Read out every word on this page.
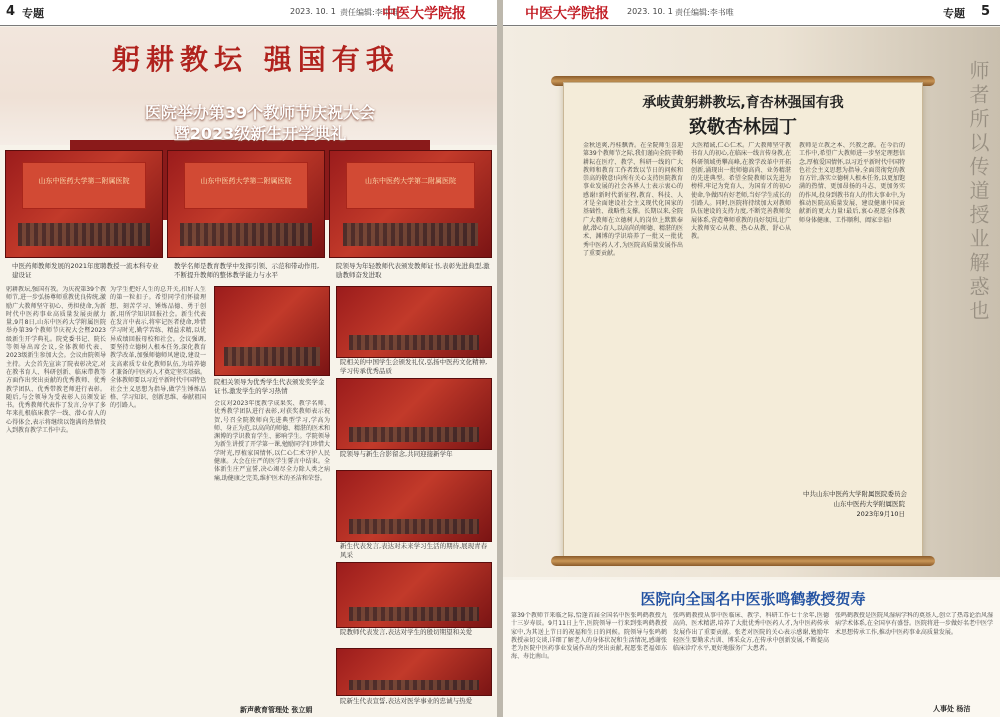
4 专题	2023. 10. 1 责任编辑:李书唯
中医大学院报
躬耕教坛 强国有我
医院举办第39个教师节庆祝大会
暨2023级新生开学典礼
山东中医药大学第二附属医院	山东中医药大学第二附属医院	山东中医药大学第二附属医院
中医药师教师发展的2021年度聘教授一流本科专业建设证
教学名师是教育教学中发挥引领、示范和带动作用,不断提升教师的整体教学能力与水平
院领导为年轻教师代表颁发教师证书,表彰先进典型,激励教师奋发进取
躬耕教坛,强国有我。为庆祝第39个教师节,进一步弘扬尊师重教优良传统,激励广大教师坚守初心、勇担使命,为新时代中医药事业高质量发展贡献力量,9月8日,山东中医药大学附属医院举办第39个教师节庆祝大会暨2023级新生开学典礼。院党委书记、院长等领导出席会议,全体教师代表、2023级新生参加大会。会议由院领导主持。大会首先宣读了院表彰决定,对在教书育人、科研创新、临床带教等方面作出突出贡献的优秀教师、优秀教学团队、优秀带教老师进行表彰。随后,与会领导为受表彰人员颁发证书。优秀教师代表作了发言,分享了多年来扎根临床教学一线、潜心育人的心得体会,表示将继续以饱满的热情投入到教育教学工作中去。
为学生把好人生的总开关,扣好人生的第一粒扣子。希望同学们怀揣理想、刻苦学习、锤炼品德、勇于创新,用所学知识回报社会。新生代表在发言中表示,将牢记医者使命,珍惜学习时光,勤学苦练、精益求精,以优异成绩回报母校和社会。会议强调,要坚持立德树人根本任务,深化教育教学改革,加强师德师风建设,建设一支高素质专业化教师队伍,为培养德才兼备的中医药人才奠定坚实基础。全体教师要以习近平新时代中国特色社会主义思想为指导,做学生锤炼品格、学习知识、创新思维、奉献祖国的引路人。
院相关领导为优秀学生代表颁发奖学金证书,激发学生的学习热情
会议对2023年度教学成果奖、教学名师、优秀教学团队进行表彰,对获奖教师表示祝贺,号召全院教师向先进典型学习,学高为师、身正为范,以高尚的师德、精湛的医术和渊博的学识教育学生、影响学生。学院领导为新生讲授了开学第一课,勉励同学们珍惜大学时光,厚植家国情怀,以仁心仁术守护人民健康。大会在庄严的医学生誓言中结束。全体新生庄严宣誓,决心竭尽全力除人类之病痛,助健康之完美,维护医术的圣洁和荣誉。
新声教育管理处 张立娟
院相关的中国学生会颁发礼仪,弘扬中医药文化精神,学习传承优秀品质
院领导与新生合影留念,共同迎接新学年
新生代表发言,表达对未来学习生活的期待,展现青春风采
院教师代表发言,表达对学生的殷切期望和关爱
院新生代表宣誓,表达对医学事业的忠诚与热爱
中医大学院报 2023. 10. 1 责任编辑:李书唯	专题 5
师者所以传道授业解惑也
承岐黄躬耕教坛,育杏林强国有我
致敬杏林园丁
金秋送爽,丹桂飘香。在全院师生喜迎第39个教师节之际,我们谨向全院辛勤耕耘在医疗、教学、科研一线的广大教师和教育工作者致以节日的问候和崇高的敬意!向所有关心支持医院教育事业发展的社会各界人士表示衷心的感谢!新时代新征程,教育、科技、人才是全面建设社会主义现代化国家的基础性、战略性支撑。长期以来,全院广大教师在立德树人的岗位上默默奉献,潜心育人,以高尚的师德、精湛的医术、渊博的学识培养了一批又一批优秀中医药人才,为医院高质量发展作出了重要贡献。
大医精诚,仁心仁术。广大教师坚守教书育人的初心,在临床一线言传身教,在科研领域勇攀高峰,在教学改革中开拓创新,涌现出一批师德高尚、业务精湛的先进典型。希望全院教师以先进为榜样,牢记为党育人、为国育才的初心使命,争做四有好老师,当好学生成长的引路人。同时,医院将持续加大对教师队伍建设的支持力度,不断完善教师发展体系,营造尊师重教的良好氛围,让广大教师安心从教、热心从教、舒心从教。
教师是立教之本、兴教之源。在今后的工作中,希望广大教师进一步坚定理想信念,厚植爱国情怀,以习近平新时代中国特色社会主义思想为指导,全面贯彻党的教育方针,落实立德树人根本任务,以更加饱满的热情、更加昂扬的斗志、更加务实的作风,投身到教书育人的伟大事业中,为推动医院高质量发展、建设健康中国贡献新的更大力量!最后,衷心祝愿全体教师身体健康、工作顺利、阖家幸福!
中共山东中医药大学附属医院委员会
山东中医药大学附属医院
2023年9月10日
医院向全国名中医张鸣鹤教授贺寿
第39个教师节来临之际,恰逢首届全国名中医张鸣鹤教授九十三岁寿辰。9月11日上午,医院领导一行来到张鸣鹤教授家中,为其送上节日的祝福和生日的问候。院领导与张鸣鹤教授亲切交谈,详细了解老人的身体状况和生活情况,感谢张老为医院中医药事业发展作出的突出贡献,祝愿张老福如东海、寿比南山。
张鸣鹤教授从事中医临床、教学、科研工作七十余年,医德高尚、医术精湛,培养了大批优秀中医药人才,为中医药传承发展作出了重要贡献。张老对医院的关心表示感谢,勉励年轻医生要勤求古训、博采众方,在传承中创新发展,不断提高临床诊疗水平,更好地服务广大患者。
张鸣鹤教授是医院风湿病学科的奠基人,创立了热毒论治风湿病学术体系,在全国享有盛誉。医院将进一步做好名老中医学术思想传承工作,推动中医药事业高质量发展。
人事处 杨洁
